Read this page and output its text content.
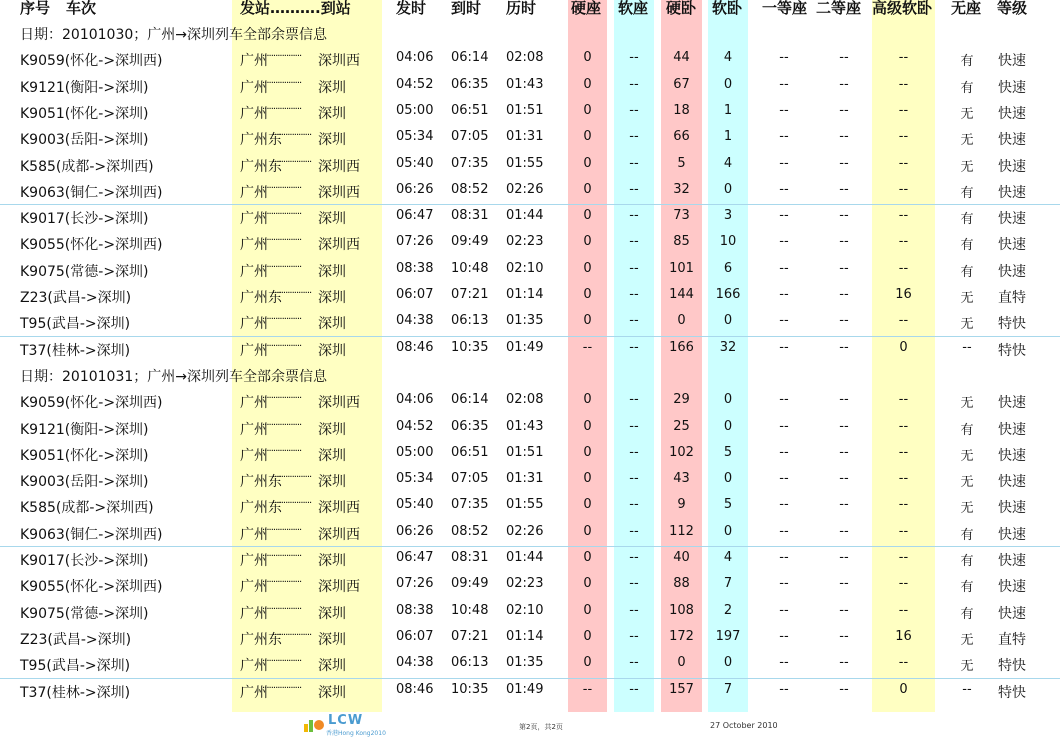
序号 车次	发站……….到站	发时 到时 历时 硬座 软座 硬卧 软卧 一等座 二等座 高级软卧 无座 等级
日期：20101030；广州→深圳列车全部余票信息
K9059(怀化->深圳西)	广州	深圳西	04:06 06:14 02:08	0	--	44	4	--	--	--	有	快速
..................
K9121(衡阳->深圳)	广州	深圳	04:52 06:35 01:43	0	--	67	0	--	--	--	有	快速
..................
K9051(怀化->深圳)	广州	深圳	05:00 06:51 01:51	0	--	18	1	--	--	--	无	快速
..................
K9003(岳阳->深圳)	广州东	深圳	05:34 07:05 01:31	0	--	66	1	--	--	--	无	快速
..................
K585(成都->深圳西)	广州东	深圳西	05:40 07:35 01:55	0	--	5	4	--	--	--	无	快速
..................
K9063(铜仁->深圳西)	广州	深圳西	06:26 08:52 02:26	0	--	32	0	--	--	--	有	快速
..................
K9017(长沙->深圳)	广州	深圳	06:47 08:31 01:44	0	--	73	3	--	--	--	有	快速
..................
K9055(怀化->深圳西)	广州	深圳西	07:26 09:49 02:23	0	--	85	10	--	--	--	有	快速
..................
K9075(常德->深圳)	广州	深圳	08:38 10:48 02:10	0	--	101	6	--	--	--	有	快速
..................
Z23(武昌->深圳)	广州东	深圳	06:07 07:21 01:14	0	--	144	166	--	--	16	无	直特
..................
T95(武昌->深圳)	广州	深圳	04:38 06:13 01:35	0	--	0	0	--	--	--	无	特快
..................
T37(桂林->深圳)	广州	深圳	08:46 10:35 01:49	--	--	166	32	--	--	0	--	特快
..................
日期：20101031；广州→深圳列车全部余票信息
K9059(怀化->深圳西)	广州	深圳西	04:06 06:14 02:08	0	--	29	0	--	--	--	无	快速
..................
K9121(衡阳->深圳)	广州	深圳	04:52 06:35 01:43	0	--	25	0	--	--	--	有	快速
..................
K9051(怀化->深圳)	广州	深圳	05:00 06:51 01:51	0	--	102	5	--	--	--	无	快速
..................
K9003(岳阳->深圳)	广州东	深圳	05:34 07:05 01:31	0	--	43	0	--	--	--	无	快速
..................
K585(成都->深圳西)	广州东	深圳西	05:40 07:35 01:55	0	--	9	5	--	--	--	无	快速
..................
K9063(铜仁->深圳西)	广州	深圳西	06:26 08:52 02:26	0	--	112	0	--	--	--	有	快速
..................
K9017(长沙->深圳)	广州	深圳	06:47 08:31 01:44	0	--	40	4	--	--	--	有	快速
..................
K9055(怀化->深圳西)	广州	深圳西	07:26 09:49 02:23	0	--	88	7	--	--	--	有	快速
..................
K9075(常德->深圳)	广州	深圳	08:38 10:48 02:10	0	--	108	2	--	--	--	有	快速
..................
Z23(武昌->深圳)	广州东	深圳	06:07 07:21 01:14	0	--	172	197	--	--	16	无	直特
..................
T95(武昌->深圳)	广州	深圳	04:38 06:13 01:35	0	--	0	0	--	--	--	无	特快
..................
T37(桂林->深圳)	广州	深圳	08:46 10:35 01:49	--	--	157	7	--	--	0	--	特快
..................
LCW
香港Hong Kong2010
第2页，共2页	27 October 2010
